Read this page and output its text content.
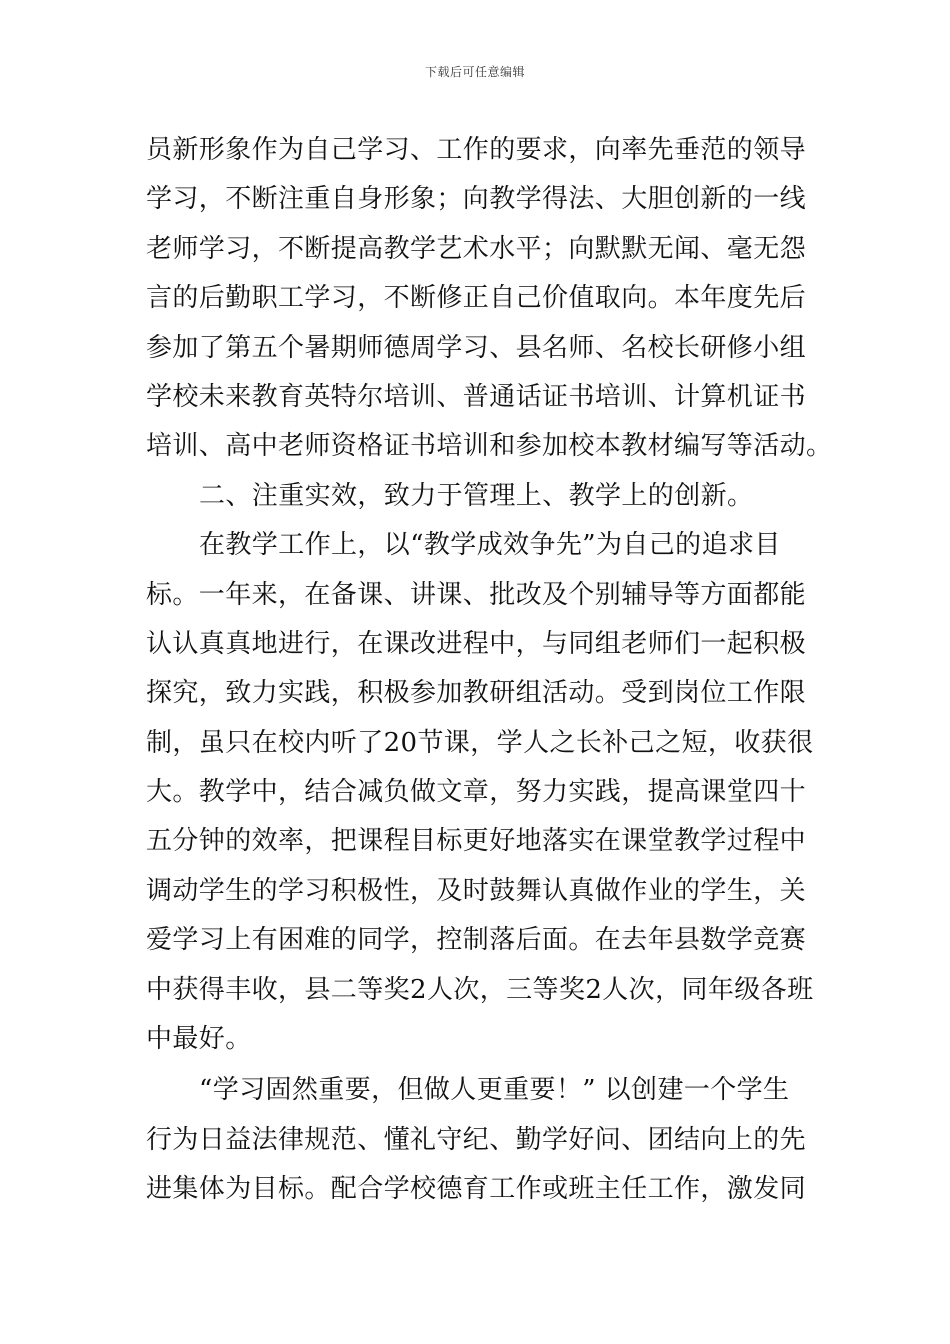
下载后可任意编辑
员新形象作为自己学习、工作的要求，向率先垂范的领导
学习，不断注重自身形象；向教学得法、大胆创新的一线
老师学习，不断提高教学艺术水平；向默默无闻、毫无怨
言的后勤职工学习，不断修正自己价值取向。本年度先后
参加了第五个暑期师德周学习、县名师、名校长研修小组
学校未来教育英特尔培训、普通话证书培训、计算机证书
培训、高中老师资格证书培训和参加校本教材编写等活动。
二、注重实效，致力于管理上、教学上的创新。
在教学工作上，以“教学成效争先”为自己的追求目
标。一年来，在备课、讲课、批改及个别辅导等方面都能
认认真真地进行，在课改进程中，与同组老师们一起积极
探究，致力实践，积极参加教研组活动。受到岗位工作限
制，虽只在校内听了20节课，学人之长补己之短，收获很
大。教学中，结合减负做文章，努力实践，提高课堂四十
五分钟的效率，把课程目标更好地落实在课堂教学过程中
调动学生的学习积极性，及时鼓舞认真做作业的学生，关
爱学习上有困难的同学，控制落后面。在去年县数学竞赛
中获得丰收，县二等奖2人次，三等奖2人次，同年级各班
中最好。
“学习固然重要，但做人更重要！” 以创建一个学生
行为日益法律规范、懂礼守纪、勤学好问、团结向上的先
进集体为目标。配合学校德育工作或班主任工作，激发同
